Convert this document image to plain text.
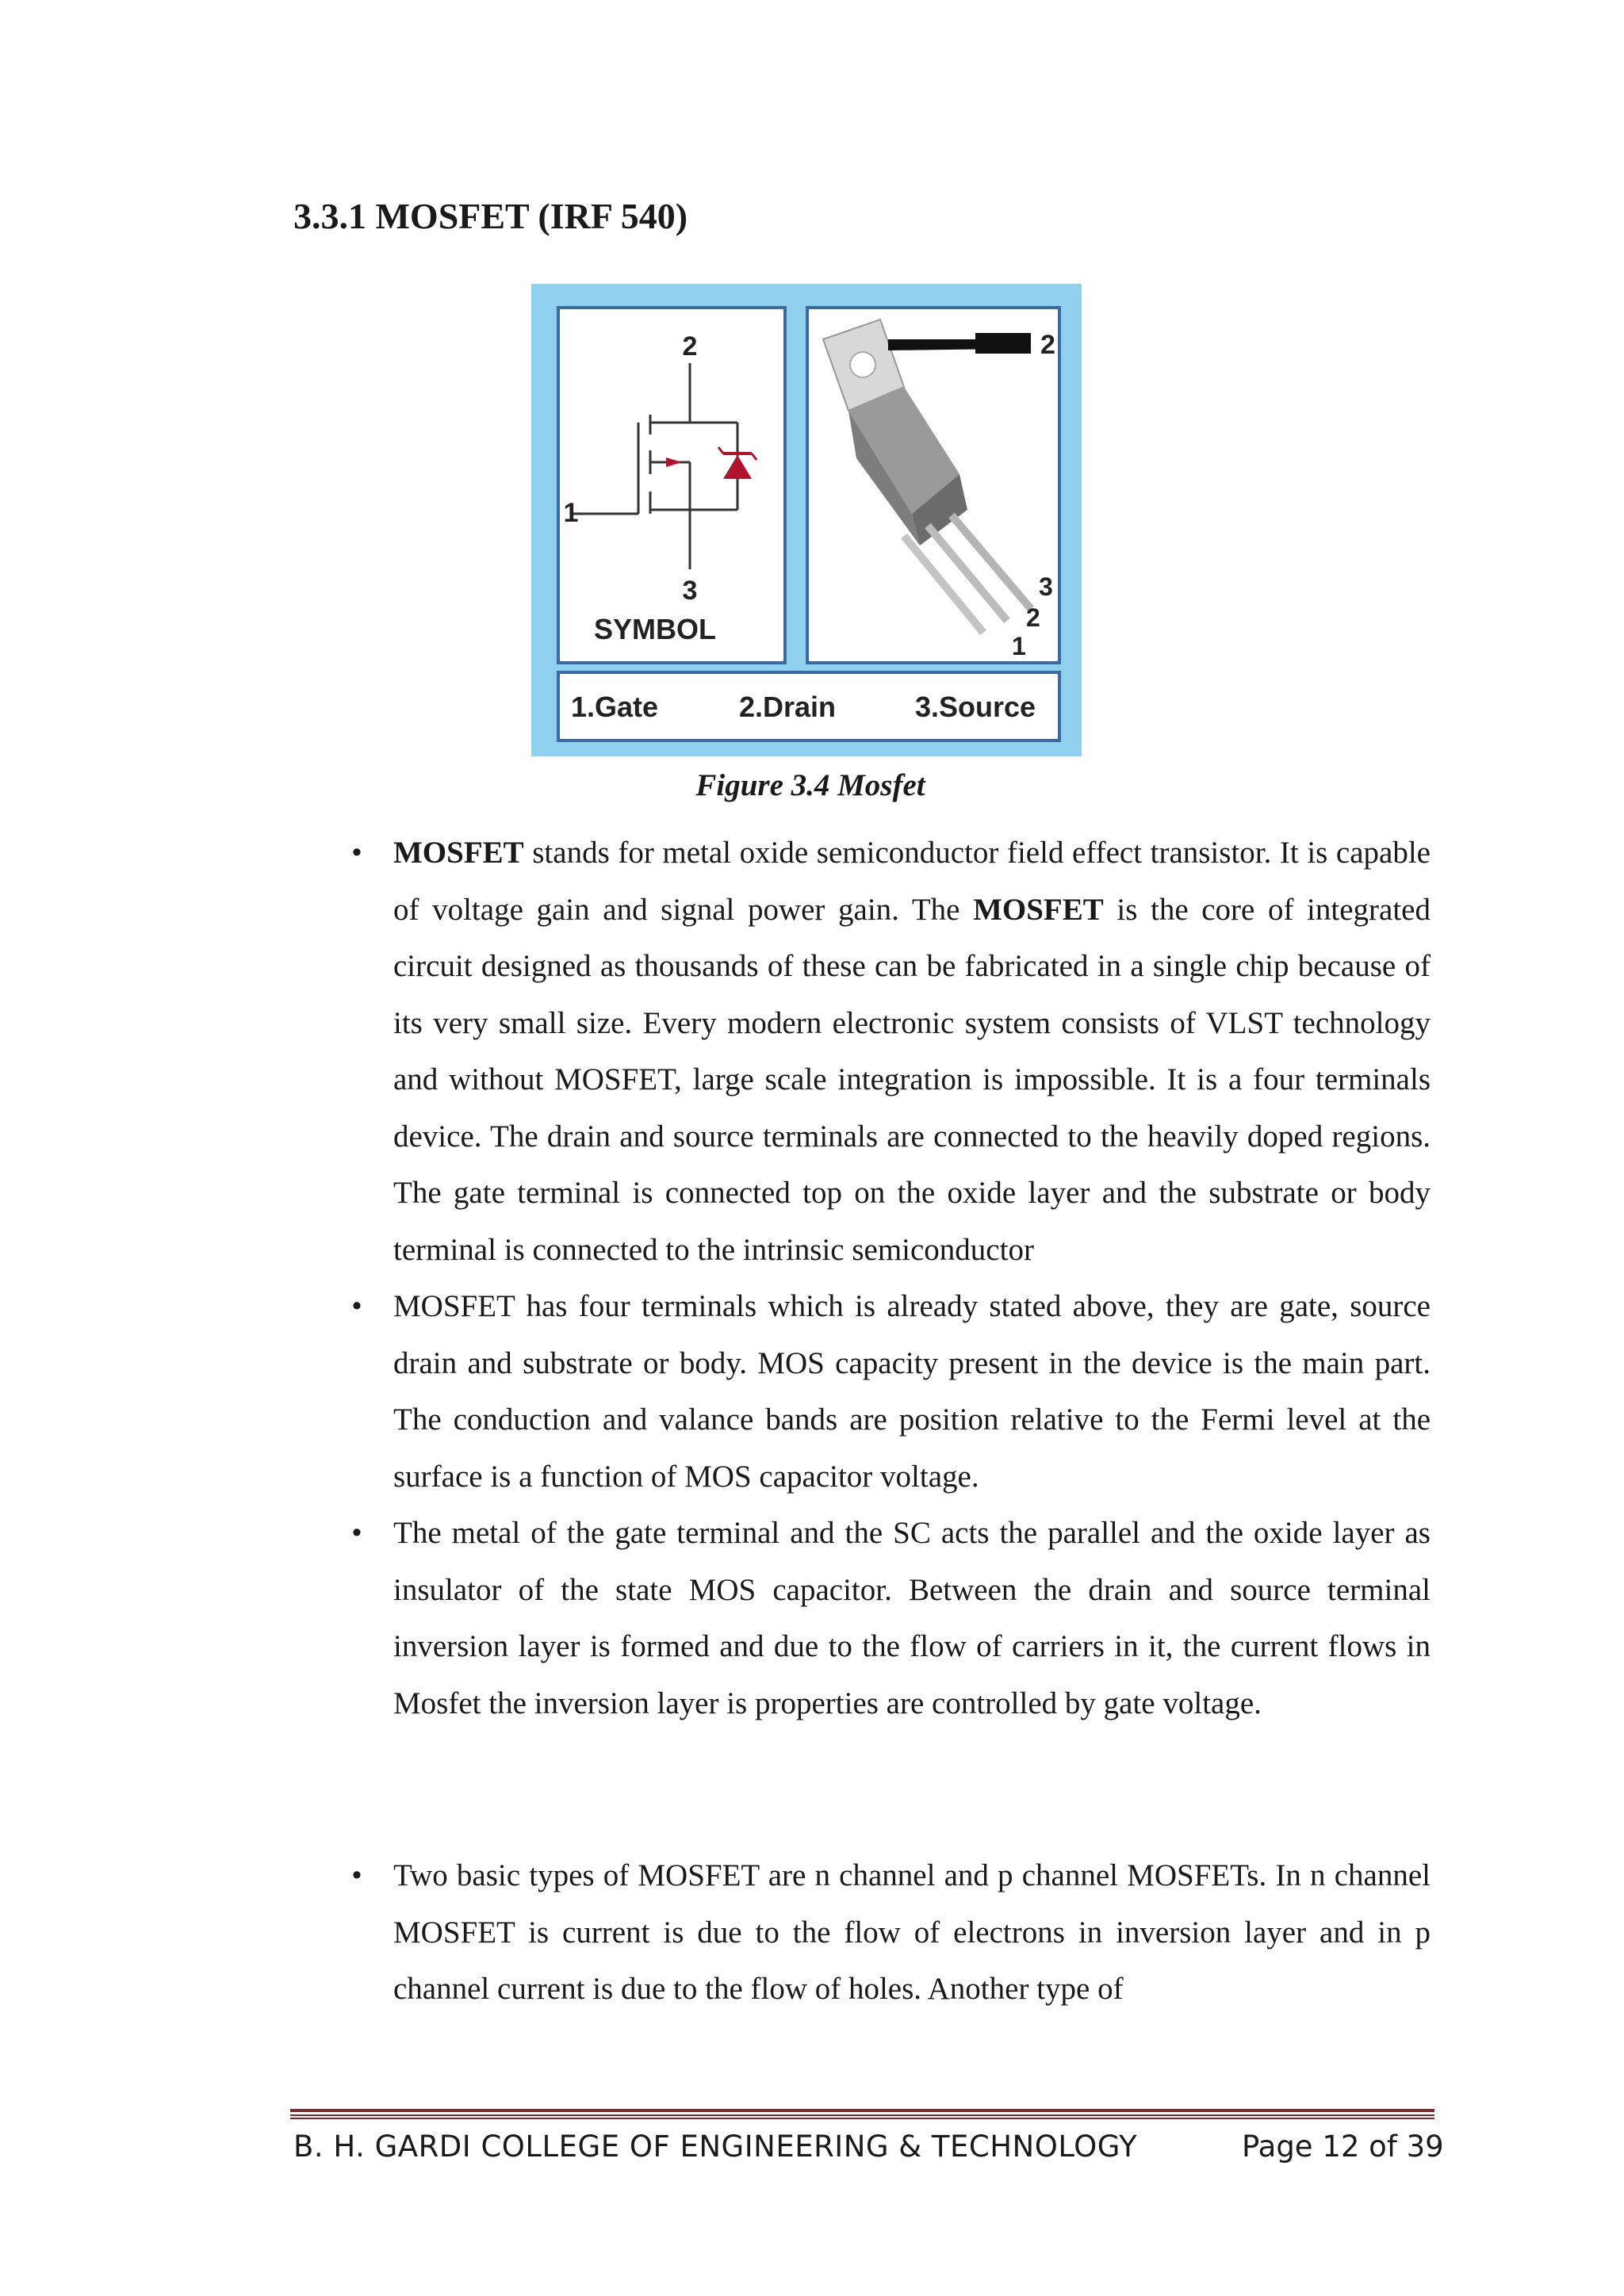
3.3.1 MOSFET (IRF 540)
2
1
3
SYMBOL
2
3
2
1
1.Gate	2.Drain	3.Source
Figure 3.4 Mosfet
•	MOSFET stands for metal oxide semiconductor field effect transistor. It is capable of voltage gain and signal power gain. The MOSFET is the core of integrated circuit designed as thousands of these can be fabricated in a single chip because of its very small size. Every modern electronic system consists of VLST technology and without MOSFET, large scale integration is impossible. It is a four terminals device. The drain and source terminals are connected to the heavily doped regions. The gate terminal is connected top on the oxide layer and the substrate or body terminal is connected to the intrinsic semiconductor
•	MOSFET has four terminals which is already stated above, they are gate, source drain and substrate or body. MOS capacity present in the device is the main part. The conduction and valance bands are position relative to the Fermi level at the surface is a function of MOS capacitor voltage.
•	The metal of the gate terminal and the SC acts the parallel and the oxide layer as insulator of the state MOS capacitor. Between the drain and source terminal inversion layer is formed and due to the flow of carriers in it, the current flows in Mosfet the inversion layer is properties are controlled by gate voltage.
•	Two basic types of MOSFET are n channel and p channel MOSFETs. In n channel MOSFET is current is due to the flow of electrons in inversion layer and in p channel current is due to the flow of holes. Another type of
B. H. GARDI COLLEGE OF ENGINEERING & TECHNOLOGY	Page 12 of 39
